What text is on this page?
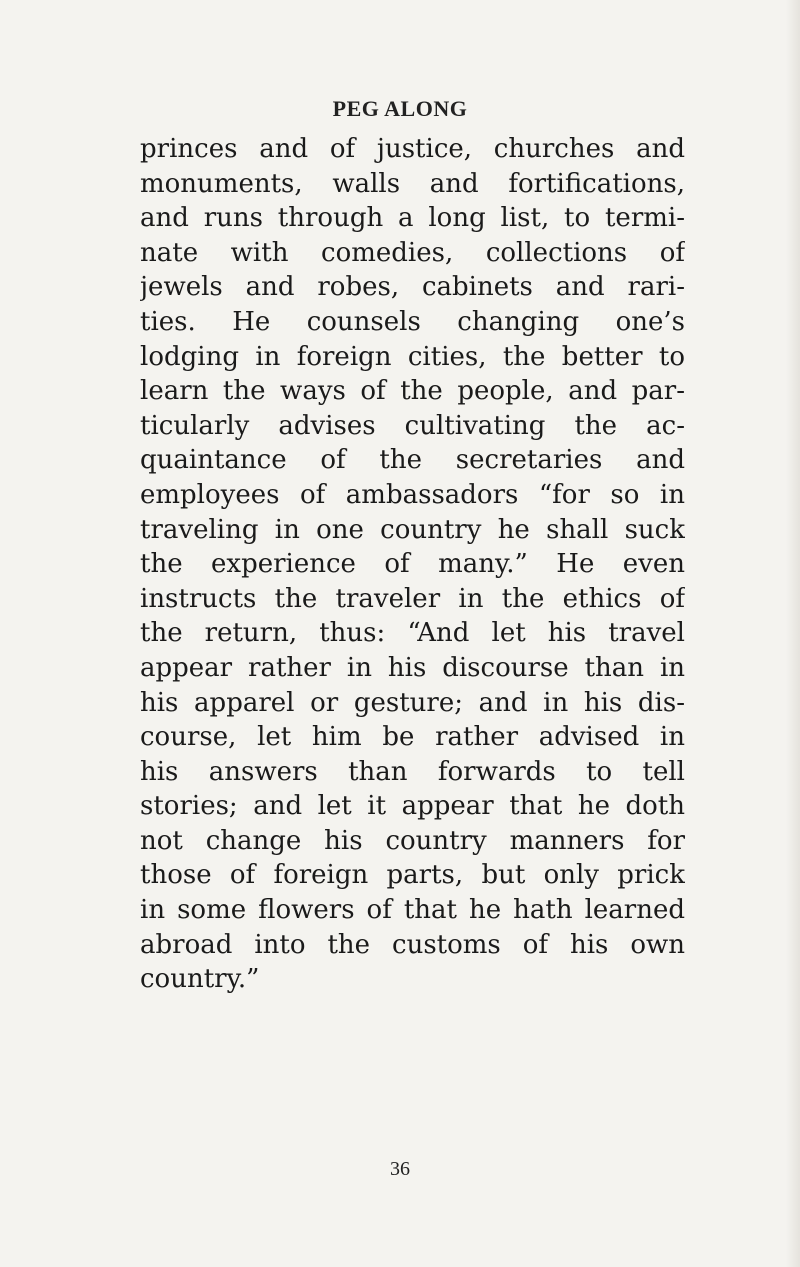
PEG ALONG
princes and of justice, churches and
monuments, walls and fortifications,
and runs through a long list, to termi-
nate with comedies, collections of
jewels and robes, cabinets and rari-
ties. He counsels changing one’s
lodging in foreign cities, the better to
learn the ways of the people, and par-
ticularly advises cultivating the ac-
quaintance of the secretaries and
employees of ambassadors “for so in
traveling in one country he shall suck
the experience of many.” He even
instructs the traveler in the ethics of
the return, thus: “And let his travel
appear rather in his discourse than in
his apparel or gesture; and in his dis-
course, let him be rather advised in
his answers than forwards to tell
stories; and let it appear that he doth
not change his country manners for
those of foreign parts, but only prick
in some flowers of that he hath learned
abroad into the customs of his own
country.”
36
